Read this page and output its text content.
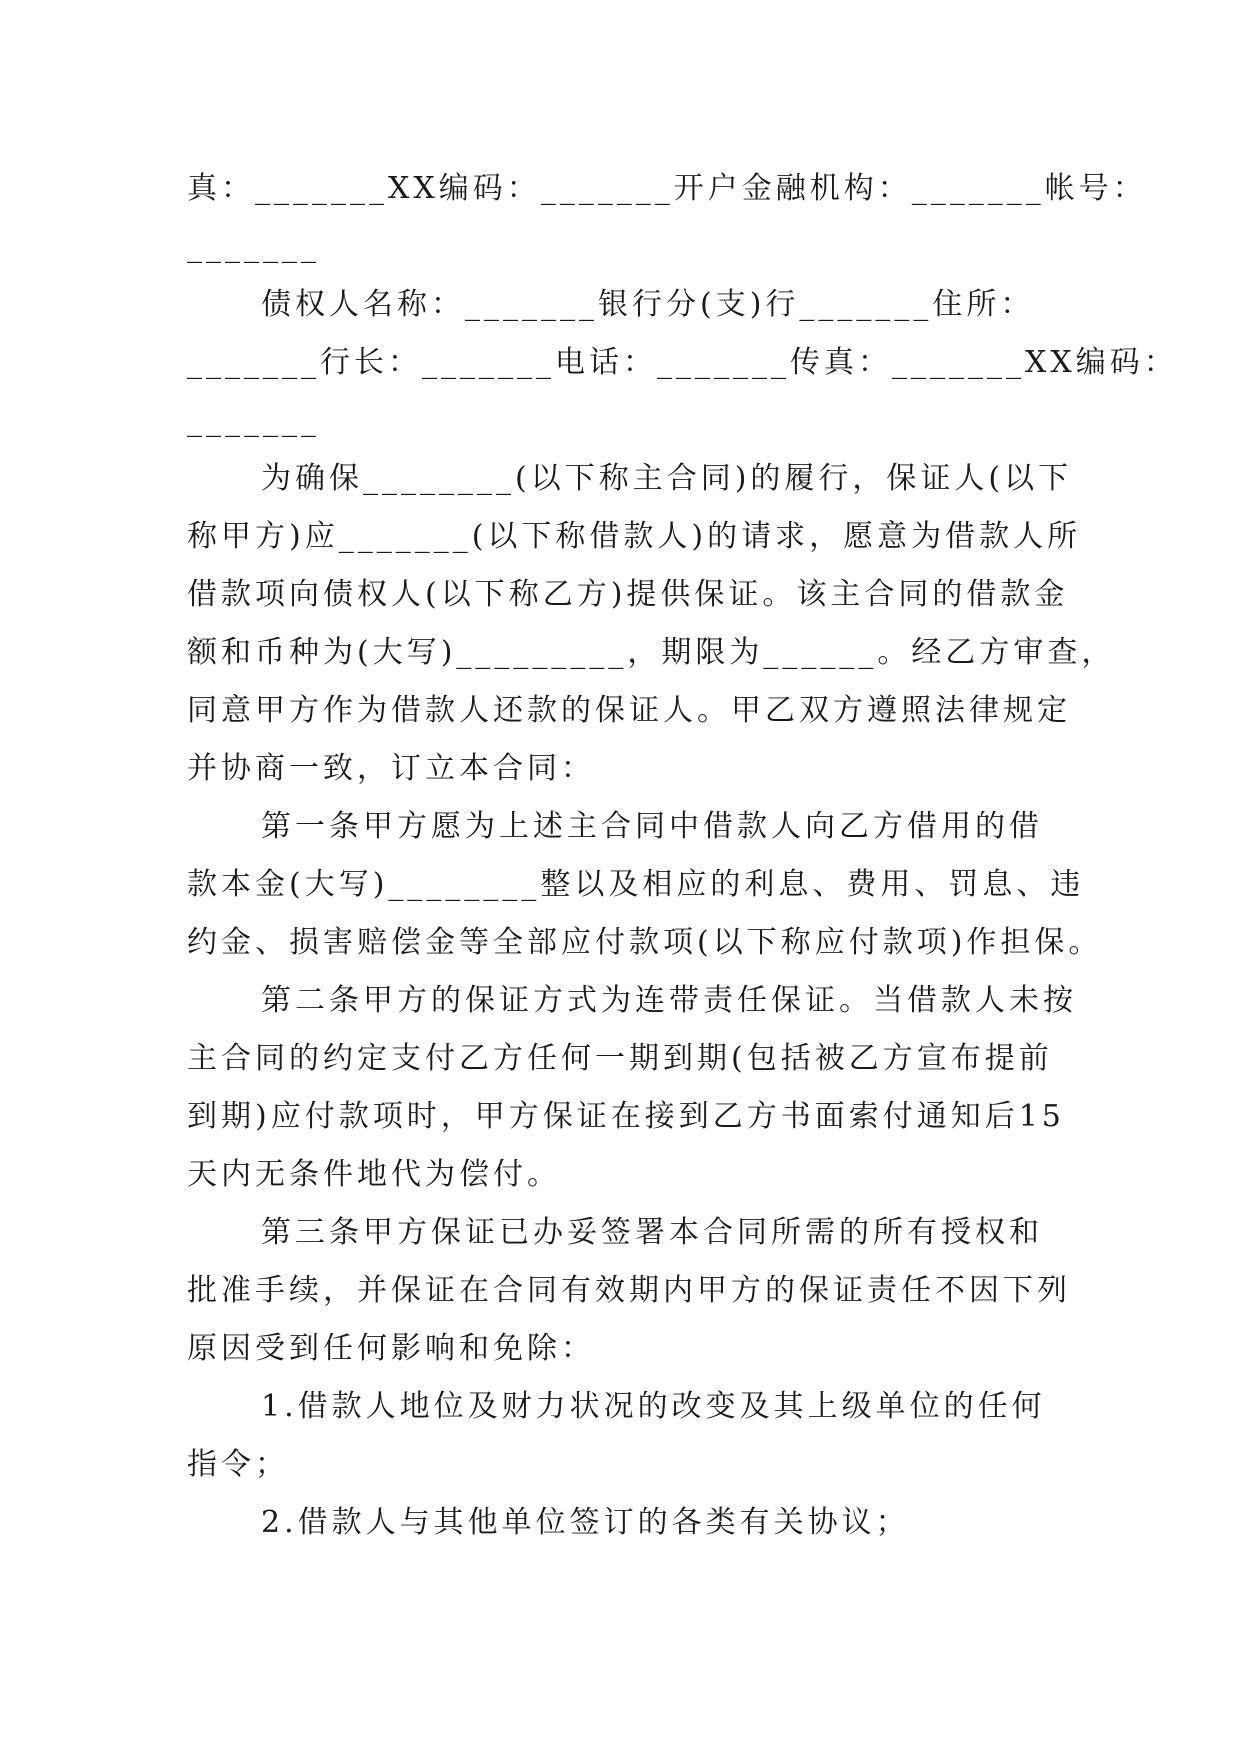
真：_______XX编码：_______开户金融机构：_______帐号：
_______
债权人名称：_______银行分(支)行_______住所：
_______行长：_______电话：_______传真：_______XX编码：
_______
为确保________(以下称主合同)的履行，保证人(以下
称甲方)应_______(以下称借款人)的请求，愿意为借款人所
借款项向债权人(以下称乙方)提供保证。该主合同的借款金
额和币种为(大写)_________，期限为______。经乙方审查，
同意甲方作为借款人还款的保证人。甲乙双方遵照法律规定
并协商一致，订立本合同：
第一条甲方愿为上述主合同中借款人向乙方借用的借
款本金(大写)________整以及相应的利息、费用、罚息、违
约金、损害赔偿金等全部应付款项(以下称应付款项)作担保。
第二条甲方的保证方式为连带责任保证。当借款人未按
主合同的约定支付乙方任何一期到期(包括被乙方宣布提前
到期)应付款项时，甲方保证在接到乙方书面索付通知后15
天内无条件地代为偿付。
第三条甲方保证已办妥签署本合同所需的所有授权和
批准手续，并保证在合同有效期内甲方的保证责任不因下列
原因受到任何影响和免除：
1.借款人地位及财力状况的改变及其上级单位的任何
指令；
2.借款人与其他单位签订的各类有关协议；
